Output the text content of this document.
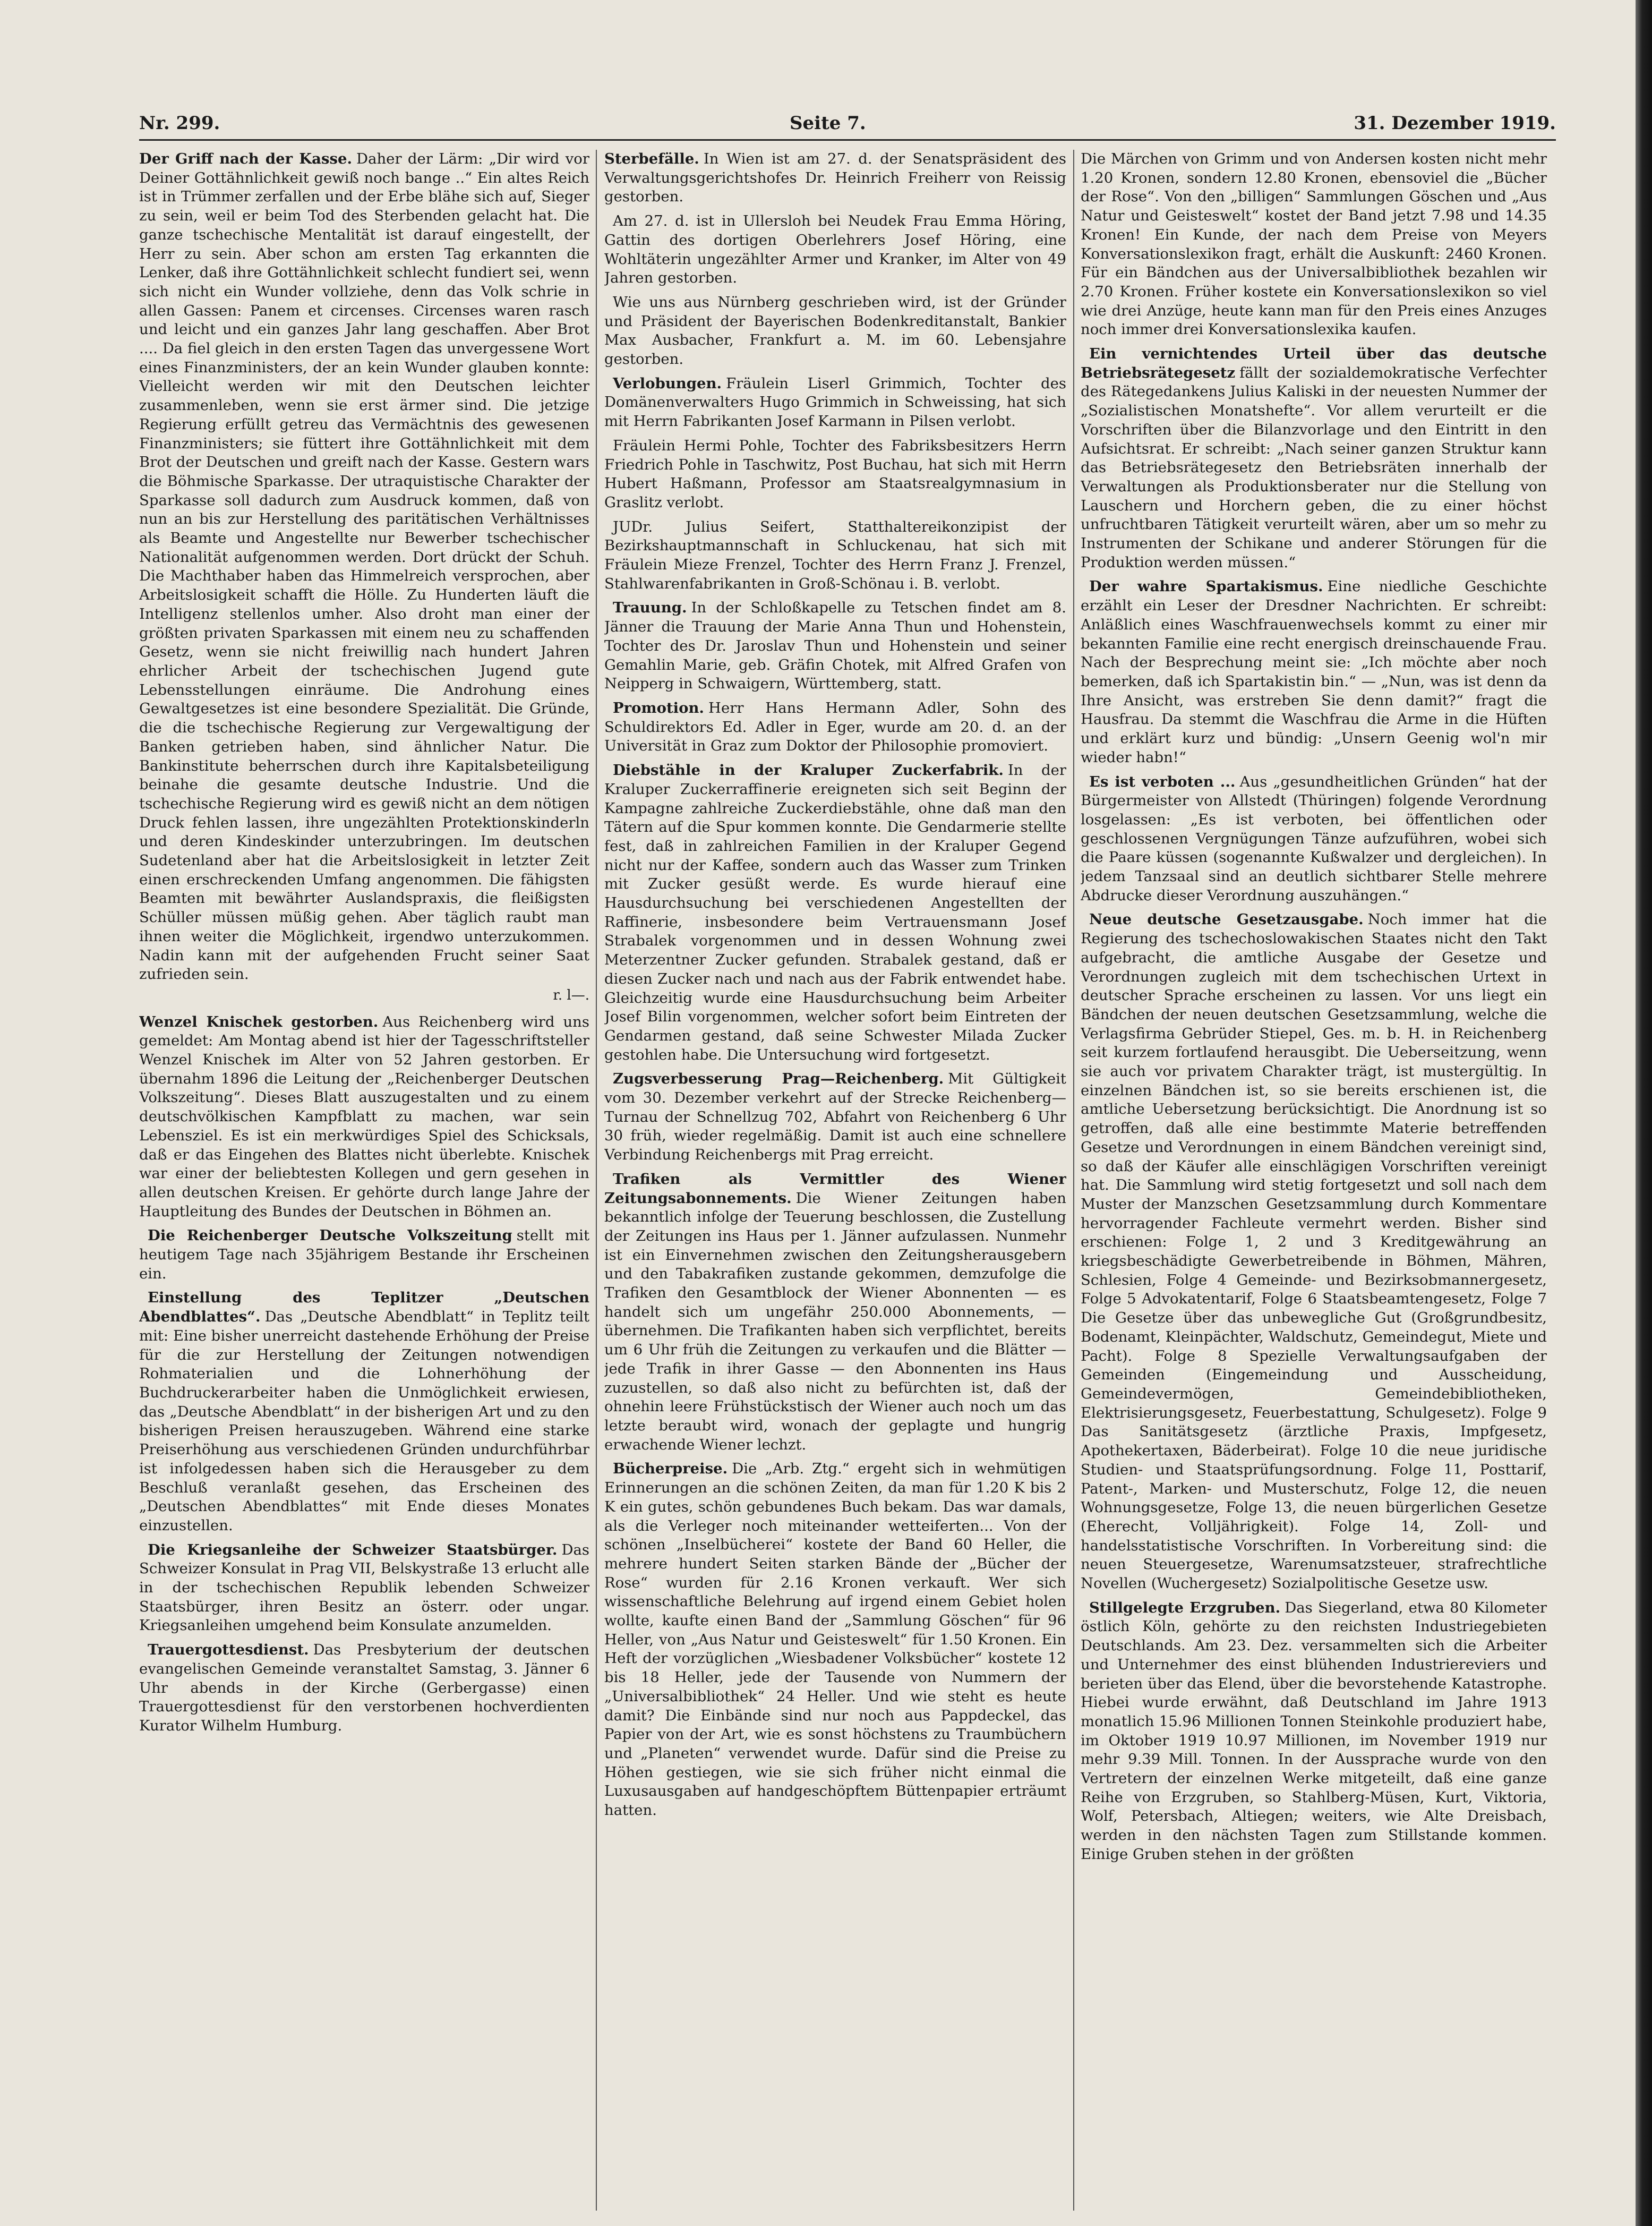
Nr. 299.	Seite 7.	31. Dezember 1919.

Der Griff nach der Kasse. Daher der Lärm: „Dir wird vor Deiner Gottähnlichkeit gewiß noch bange ..“ Ein altes Reich ist in Trümmer zerfallen und der Erbe blähe sich auf, Sieger zu sein, weil er beim Tod des Sterbenden gelacht hat. Die ganze tschechische Mentalität ist darauf eingestellt, der Herr zu sein. Aber schon am ersten Tag erkannten die Lenker, daß ihre Gottähnlichkeit schlecht fundiert sei, wenn sich nicht ein Wunder vollziehe, denn das Volk schrie in allen Gassen: Panem et circenses. Circenses waren rasch und leicht und ein ganzes Jahr lang geschaffen. Aber Brot .... Da fiel gleich in den ersten Tagen das unvergessene Wort eines Finanzministers, der an kein Wunder glauben konnte: Vielleicht werden wir mit den Deutschen leichter zusammenleben, wenn sie erst ärmer sind. Die jetzige Regierung erfüllt getreu das Vermächtnis des gewesenen Finanzministers; sie füttert ihre Gottähnlichkeit mit dem Brot der Deutschen und greift nach der Kasse. Gestern wars die Böhmische Sparkasse. Der utraquistische Charakter der Sparkasse soll dadurch zum Ausdruck kommen, daß von nun an bis zur Herstellung des paritätischen Verhältnisses als Beamte und Angestellte nur Bewerber tschechischer Nationalität aufgenommen werden. Dort drückt der Schuh. Die Machthaber haben das Himmelreich versprochen, aber Arbeitslosigkeit schafft die Hölle. Zu Hunderten läuft die Intelligenz stellenlos umher. Also droht man einer der größten privaten Sparkassen mit einem neu zu schaffenden Gesetz, wenn sie nicht freiwillig nach hundert Jahren ehrlicher Arbeit der tschechischen Jugend gute Lebensstellungen einräume. Die Androhung eines Gewaltgesetzes ist eine besondere Spezialität. Die Gründe, die die tschechische Regierung zur Vergewaltigung der Banken getrieben haben, sind ähnlicher Natur. Die Bankinstitute beherrschen durch ihre Kapitalsbeteiligung beinahe die gesamte deutsche Industrie. Und die tschechische Regierung wird es gewiß nicht an dem nötigen Druck fehlen lassen, ihre ungezählten Protektionskinderln und deren Kindeskinder unterzubringen. Im deutschen Sudetenland aber hat die Arbeitslosigkeit in letzter Zeit einen erschreckenden Umfang angenommen. Die fähigsten Beamten mit bewährter Auslandspraxis, die fleißigsten Schüller müssen müßig gehen. Aber täglich raubt man ihnen weiter die Möglichkeit, irgendwo unterzukommen. Nadin kann mit der aufgehenden Frucht seiner Saat zufrieden sein.

r. l—.

Wenzel Knischek gestorben. Aus Reichenberg wird uns gemeldet: Am Montag abend ist hier der Tagesschriftsteller Wenzel Knischek im Alter von 52 Jahren gestorben. Er übernahm 1896 die Leitung der „Reichenberger Deutschen Volkszeitung“. Dieses Blatt auszugestalten und zu einem deutschvölkischen Kampfblatt zu machen, war sein Lebensziel. Es ist ein merkwürdiges Spiel des Schicksals, daß er das Eingehen des Blattes nicht überlebte. Knischek war einer der beliebtesten Kollegen und gern gesehen in allen deutschen Kreisen. Er gehörte durch lange Jahre der Hauptleitung des Bundes der Deutschen in Böhmen an.

Die Reichenberger Deutsche Volkszeitung stellt mit heutigem Tage nach 35jährigem Bestande ihr Erscheinen ein.

Einstellung des Teplitzer „Deutschen Abendblattes“. Das „Deutsche Abendblatt“ in Teplitz teilt mit: Eine bisher unerreicht dastehende Erhöhung der Preise für die zur Herstellung der Zeitungen notwendigen Rohmaterialien und die Lohnerhöhung der Buchdruckerarbeiter haben die Unmöglichkeit erwiesen, das „Deutsche Abendblatt“ in der bisherigen Art und zu den bisherigen Preisen herauszugeben. Während eine starke Preiserhöhung aus verschiedenen Gründen undurchführbar ist infolgedessen haben sich die Herausgeber zu dem Beschluß veranlaßt gesehen, das Erscheinen des „Deutschen Abendblattes“ mit Ende dieses Monates einzustellen.

Die Kriegsanleihe der Schweizer Staatsbürger. Das Schweizer Konsulat in Prag VII, Belskystraße 13 erlucht alle in der tschechischen Republik lebenden Schweizer Staatsbürger, ihren Besitz an österr. oder ungar. Kriegsanleihen umgehend beim Konsulate anzumelden.

Trauergottesdienst. Das Presbyterium der deutschen evangelischen Gemeinde veranstaltet Samstag, 3. Jänner 6 Uhr abends in der Kirche (Gerbergasse) einen Trauergottesdienst für den verstorbenen hochverdienten Kurator Wilhelm Humburg.

Sterbefälle. In Wien ist am 27. d. der Senatspräsident des Verwaltungsgerichtshofes Dr. Heinrich Freiherr von Reissig gestorben.

Am 27. d. ist in Ullersloh bei Neudek Frau Emma Höring, Gattin des dortigen Oberlehrers Josef Höring, eine Wohltäterin ungezählter Armer und Kranker, im Alter von 49 Jahren gestorben.

Wie uns aus Nürnberg geschrieben wird, ist der Gründer und Präsident der Bayerischen Bodenkreditanstalt, Bankier Max Ausbacher, Frankfurt a. M. im 60. Lebensjahre gestorben.

Verlobungen. Fräulein Liserl Grimmich, Tochter des Domänenverwalters Hugo Grimmich in Schweissing, hat sich mit Herrn Fabrikanten Josef Karmann in Pilsen verlobt.

Fräulein Hermi Pohle, Tochter des Fabriksbesitzers Herrn Friedrich Pohle in Taschwitz, Post Buchau, hat sich mit Herrn Hubert Haßmann, Professor am Staatsrealgymnasium in Graslitz verlobt.

JUDr. Julius Seifert, Statthaltereikonzipist der Bezirkshauptmannschaft in Schluckenau, hat sich mit Fräulein Mieze Frenzel, Tochter des Herrn Franz J. Frenzel, Stahlwarenfabrikanten in Groß-Schönau i. B. verlobt.

Trauung. In der Schloßkapelle zu Tetschen findet am 8. Jänner die Trauung der Marie Anna Thun und Hohenstein, Tochter des Dr. Jaroslav Thun und Hohenstein und seiner Gemahlin Marie, geb. Gräfin Chotek, mit Alfred Grafen von Neipperg in Schwaigern, Württemberg, statt.

Promotion. Herr Hans Hermann Adler, Sohn des Schuldirektors Ed. Adler in Eger, wurde am 20. d. an der Universität in Graz zum Doktor der Philosophie promoviert.

Diebstähle in der Kraluper Zuckerfabrik. In der Kraluper Zuckerraffinerie ereigneten sich seit Beginn der Kampagne zahlreiche Zuckerdiebstähle, ohne daß man den Tätern auf die Spur kommen konnte. Die Gendarmerie stellte fest, daß in zahlreichen Familien in der Kraluper Gegend nicht nur der Kaffee, sondern auch das Wasser zum Trinken mit Zucker gesüßt werde. Es wurde hierauf eine Hausdurchsuchung bei verschiedenen Angestellten der Raffinerie, insbesondere beim Vertrauensmann Josef Strabalek vorgenommen und in dessen Wohnung zwei Meterzentner Zucker gefunden. Strabalek gestand, daß er diesen Zucker nach und nach aus der Fabrik entwendet habe. Gleichzeitig wurde eine Hausdurchsuchung beim Arbeiter Josef Bilin vorgenommen, welcher sofort beim Eintreten der Gendarmen gestand, daß seine Schwester Milada Zucker gestohlen habe. Die Untersuchung wird fortgesetzt.

Zugsverbesserung Prag—Reichenberg. Mit Gültigkeit vom 30. Dezember verkehrt auf der Strecke Reichenberg—Turnau der Schnellzug 702, Abfahrt von Reichenberg 6 Uhr 30 früh, wieder regelmäßig. Damit ist auch eine schnellere Verbindung Reichenbergs mit Prag erreicht.

Trafiken als Vermittler des Wiener Zeitungsabonnements. Die Wiener Zeitungen haben bekanntlich infolge der Teuerung beschlossen, die Zustellung der Zeitungen ins Haus per 1. Jänner aufzulassen. Nunmehr ist ein Einvernehmen zwischen den Zeitungsherausgebern und den Tabakrafiken zustande gekommen, demzufolge die Trafiken den Gesamtblock der Wiener Abonnenten — es handelt sich um ungefähr 250.000 Abonnements, — übernehmen. Die Trafikanten haben sich verpflichtet, bereits um 6 Uhr früh die Zeitungen zu verkaufen und die Blätter — jede Trafik in ihrer Gasse — den Abonnenten ins Haus zuzustellen, so daß also nicht zu befürchten ist, daß der ohnehin leere Frühstückstisch der Wiener auch noch um das letzte beraubt wird, wonach der geplagte und hungrig erwachende Wiener lechzt.

Bücherpreise. Die „Arb. Ztg.“ ergeht sich in wehmütigen Erinnerungen an die schönen Zeiten, da man für 1.20 K bis 2 K ein gutes, schön gebundenes Buch bekam. Das war damals, als die Verleger noch miteinander wetteiferten... Von der schönen „Inselbücherei“ kostete der Band 60 Heller, die mehrere hundert Seiten starken Bände der „Bücher der Rose“ wurden für 2.16 Kronen verkauft. Wer sich wissenschaftliche Belehrung auf irgend einem Gebiet holen wollte, kaufte einen Band der „Sammlung Göschen“ für 96 Heller, von „Aus Natur und Geisteswelt“ für 1.50 Kronen. Ein Heft der vorzüglichen „Wiesbadener Volksbücher“ kostete 12 bis 18 Heller, jede der Tausende von Nummern der „Universalbibliothek“ 24 Heller. Und wie steht es heute damit? Die Einbände sind nur noch aus Pappdeckel, das Papier von der Art, wie es sonst höchstens zu Traumbüchern und „Planeten“ verwendet wurde. Dafür sind die Preise zu Höhen gestiegen, wie sie sich früher nicht einmal die Luxusausgaben auf handgeschöpftem Büttenpapier erträumt hatten.

Die Märchen von Grimm und von Andersen kosten nicht mehr 1.20 Kronen, sondern 12.80 Kronen, ebensoviel die „Bücher der Rose“. Von den „billigen“ Sammlungen Göschen und „Aus Natur und Geisteswelt“ kostet der Band jetzt 7.98 und 14.35 Kronen! Ein Kunde, der nach dem Preise von Meyers Konversationslexikon fragt, erhält die Auskunft: 2460 Kronen. Für ein Bändchen aus der Universalbibliothek bezahlen wir 2.70 Kronen. Früher kostete ein Konversationslexikon so viel wie drei Anzüge, heute kann man für den Preis eines Anzuges noch immer drei Konversationslexika kaufen.

Ein vernichtendes Urteil über das deutsche Betriebsrätegesetz fällt der sozialdemokratische Verfechter des Rätegedankens Julius Kaliski in der neuesten Nummer der „Sozialistischen Monatshefte“. Vor allem verurteilt er die Vorschriften über die Bilanzvorlage und den Eintritt in den Aufsichtsrat. Er schreibt: „Nach seiner ganzen Struktur kann das Betriebsrätegesetz den Betriebsräten innerhalb der Verwaltungen als Produktionsberater nur die Stellung von Lauschern und Horchern geben, die zu einer höchst unfruchtbaren Tätigkeit verurteilt wären, aber um so mehr zu Instrumenten der Schikane und anderer Störungen für die Produktion werden müssen.“

Der wahre Spartakismus. Eine niedliche Geschichte erzählt ein Leser der Dresdner Nachrichten. Er schreibt: Anläßlich eines Waschfrauenwechsels kommt zu einer mir bekannten Familie eine recht energisch dreinschauende Frau. Nach der Besprechung meint sie: „Ich möchte aber noch bemerken, daß ich Spartakistin bin.“ — „Nun, was ist denn da Ihre Ansicht, was erstreben Sie denn damit?“ fragt die Hausfrau. Da stemmt die Waschfrau die Arme in die Hüften und erklärt kurz und bündig: „Unsern Geenig wol'n mir wieder habn!“

Es ist verboten ... Aus „gesundheitlichen Gründen“ hat der Bürgermeister von Allstedt (Thüringen) folgende Verordnung losgelassen: „Es ist verboten, bei öffentlichen oder geschlossenen Vergnügungen Tänze aufzuführen, wobei sich die Paare küssen (sogenannte Kußwalzer und dergleichen). In jedem Tanzsaal sind an deutlich sichtbarer Stelle mehrere Abdrucke dieser Verordnung auszuhängen.“

Neue deutsche Gesetzausgabe. Noch immer hat die Regierung des tschechoslowakischen Staates nicht den Takt aufgebracht, die amtliche Ausgabe der Gesetze und Verordnungen zugleich mit dem tschechischen Urtext in deutscher Sprache erscheinen zu lassen. Vor uns liegt ein Bändchen der neuen deutschen Gesetzsammlung, welche die Verlagsfirma Gebrüder Stiepel, Ges. m. b. H. in Reichenberg seit kurzem fortlaufend herausgibt. Die Ueberseitzung, wenn sie auch vor privatem Charakter trägt, ist mustergültig. In einzelnen Bändchen ist, so sie bereits erschienen ist, die amtliche Uebersetzung berücksichtigt. Die Anordnung ist so getroffen, daß alle eine bestimmte Materie betreffenden Gesetze und Verordnungen in einem Bändchen vereinigt sind, so daß der Käufer alle einschlägigen Vorschriften vereinigt hat. Die Sammlung wird stetig fortgesetzt und soll nach dem Muster der Manzschen Gesetzsammlung durch Kommentare hervorragender Fachleute vermehrt werden. Bisher sind erschienen: Folge 1, 2 und 3 Kreditgewährung an kriegsbeschädigte Gewerbetreibende in Böhmen, Mähren, Schlesien, Folge 4 Gemeinde- und Bezirksobmannergesetz, Folge 5 Advokatentarif, Folge 6 Staatsbeamtengesetz, Folge 7 Die Gesetze über das unbewegliche Gut (Großgrundbesitz, Bodenamt, Kleinpächter, Waldschutz, Gemeindegut, Miete und Pacht). Folge 8 Spezielle Verwaltungsaufgaben der Gemeinden (Eingemeindung und Ausscheidung, Gemeindevermögen, Gemeindebibliotheken, Elektrisierungsgesetz, Feuerbestattung, Schulgesetz). Folge 9 Das Sanitätsgesetz (ärztliche Praxis, Impfgesetz, Apothekertaxen, Bäderbeirat). Folge 10 die neue juridische Studien- und Staatsprüfungsordnung. Folge 11, Posttarif, Patent-, Marken- und Musterschutz, Folge 12, die neuen Wohnungsgesetze, Folge 13, die neuen bürgerlichen Gesetze (Eherecht, Volljährigkeit). Folge 14, Zoll- und handelsstatistische Vorschriften. In Vorbereitung sind: die neuen Steuergesetze, Warenumsatzsteuer, strafrechtliche Novellen (Wuchergesetz) Sozialpolitische Gesetze usw.

Stillgelegte Erzgruben. Das Siegerland, etwa 80 Kilometer östlich Köln, gehörte zu den reichsten Industriegebieten Deutschlands. Am 23. Dez. versammelten sich die Arbeiter und Unternehmer des einst blühenden Industriereviers und berieten über das Elend, über die bevorstehende Katastrophe. Hiebei wurde erwähnt, daß Deutschland im Jahre 1913 monatlich 15.96 Millionen Tonnen Steinkohle produziert habe, im Oktober 1919 10.97 Millionen, im November 1919 nur mehr 9.39 Mill. Tonnen. In der Aussprache wurde von den Vertretern der einzelnen Werke mitgeteilt, daß eine ganze Reihe von Erzgruben, so Stahlberg-Müsen, Kurt, Viktoria, Wolf, Petersbach, Altiegen; weiters, wie Alte Dreisbach, werden in den nächsten Tagen zum Stillstande kommen. Einige Gruben stehen in der größten
